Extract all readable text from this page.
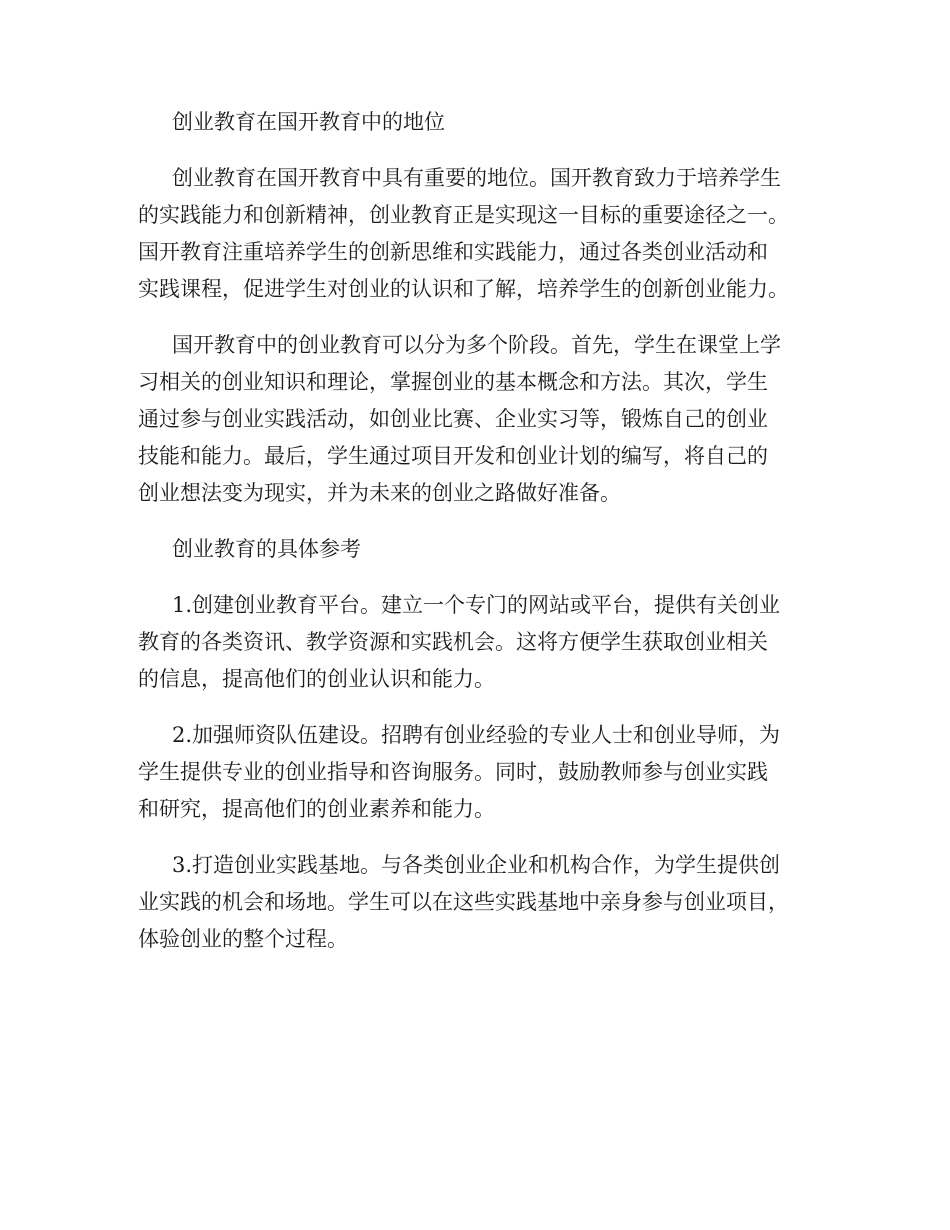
创业教育在国开教育中的地位
创业教育在国开教育中具有重要的地位。国开教育致力于培养学生
的实践能力和创新精神，创业教育正是实现这一目标的重要途径之一。
国开教育注重培养学生的创新思维和实践能力，通过各类创业活动和
实践课程，促进学生对创业的认识和了解，培养学生的创新创业能力。
国开教育中的创业教育可以分为多个阶段。首先，学生在课堂上学
习相关的创业知识和理论，掌握创业的基本概念和方法。其次，学生
通过参与创业实践活动，如创业比赛、企业实习等，锻炼自己的创业
技能和能力。最后，学生通过项目开发和创业计划的编写，将自己的
创业想法变为现实，并为未来的创业之路做好准备。
创业教育的具体参考
1.创建创业教育平台。建立一个专门的网站或平台，提供有关创业
教育的各类资讯、教学资源和实践机会。这将方便学生获取创业相关
的信息，提高他们的创业认识和能力。
2.加强师资队伍建设。招聘有创业经验的专业人士和创业导师，为
学生提供专业的创业指导和咨询服务。同时，鼓励教师参与创业实践
和研究，提高他们的创业素养和能力。
3.打造创业实践基地。与各类创业企业和机构合作，为学生提供创
业实践的机会和场地。学生可以在这些实践基地中亲身参与创业项目，
体验创业的整个过程。
